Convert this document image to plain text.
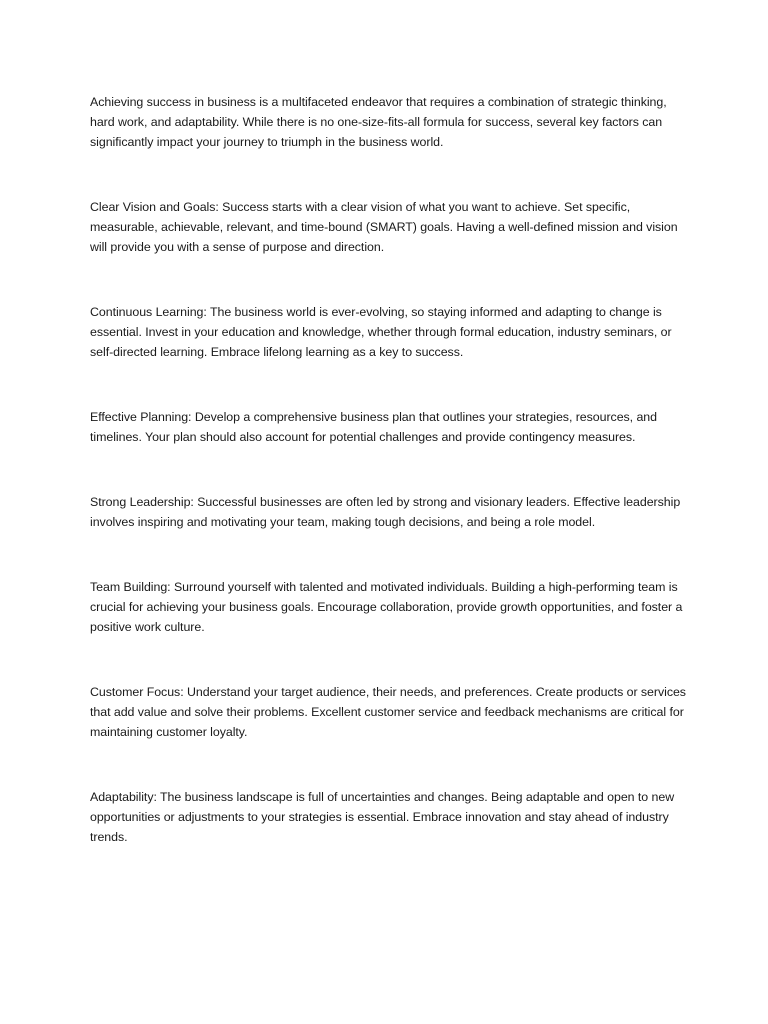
Achieving success in business is a multifaceted endeavor that requires a combination of strategic thinking, hard work, and adaptability. While there is no one-size-fits-all formula for success, several key factors can significantly impact your journey to triumph in the business world.

Clear Vision and Goals: Success starts with a clear vision of what you want to achieve. Set specific, measurable, achievable, relevant, and time-bound (SMART) goals. Having a well-defined mission and vision will provide you with a sense of purpose and direction.

Continuous Learning: The business world is ever-evolving, so staying informed and adapting to change is essential. Invest in your education and knowledge, whether through formal education, industry seminars, or self-directed learning. Embrace lifelong learning as a key to success.

Effective Planning: Develop a comprehensive business plan that outlines your strategies, resources, and timelines. Your plan should also account for potential challenges and provide contingency measures.

Strong Leadership: Successful businesses are often led by strong and visionary leaders. Effective leadership involves inspiring and motivating your team, making tough decisions, and being a role model.

Team Building: Surround yourself with talented and motivated individuals. Building a high-performing team is crucial for achieving your business goals. Encourage collaboration, provide growth opportunities, and foster a positive work culture.

Customer Focus: Understand your target audience, their needs, and preferences. Create products or services that add value and solve their problems. Excellent customer service and feedback mechanisms are critical for maintaining customer loyalty.

Adaptability: The business landscape is full of uncertainties and changes. Being adaptable and open to new opportunities or adjustments to your strategies is essential. Embrace innovation and stay ahead of industry trends.
